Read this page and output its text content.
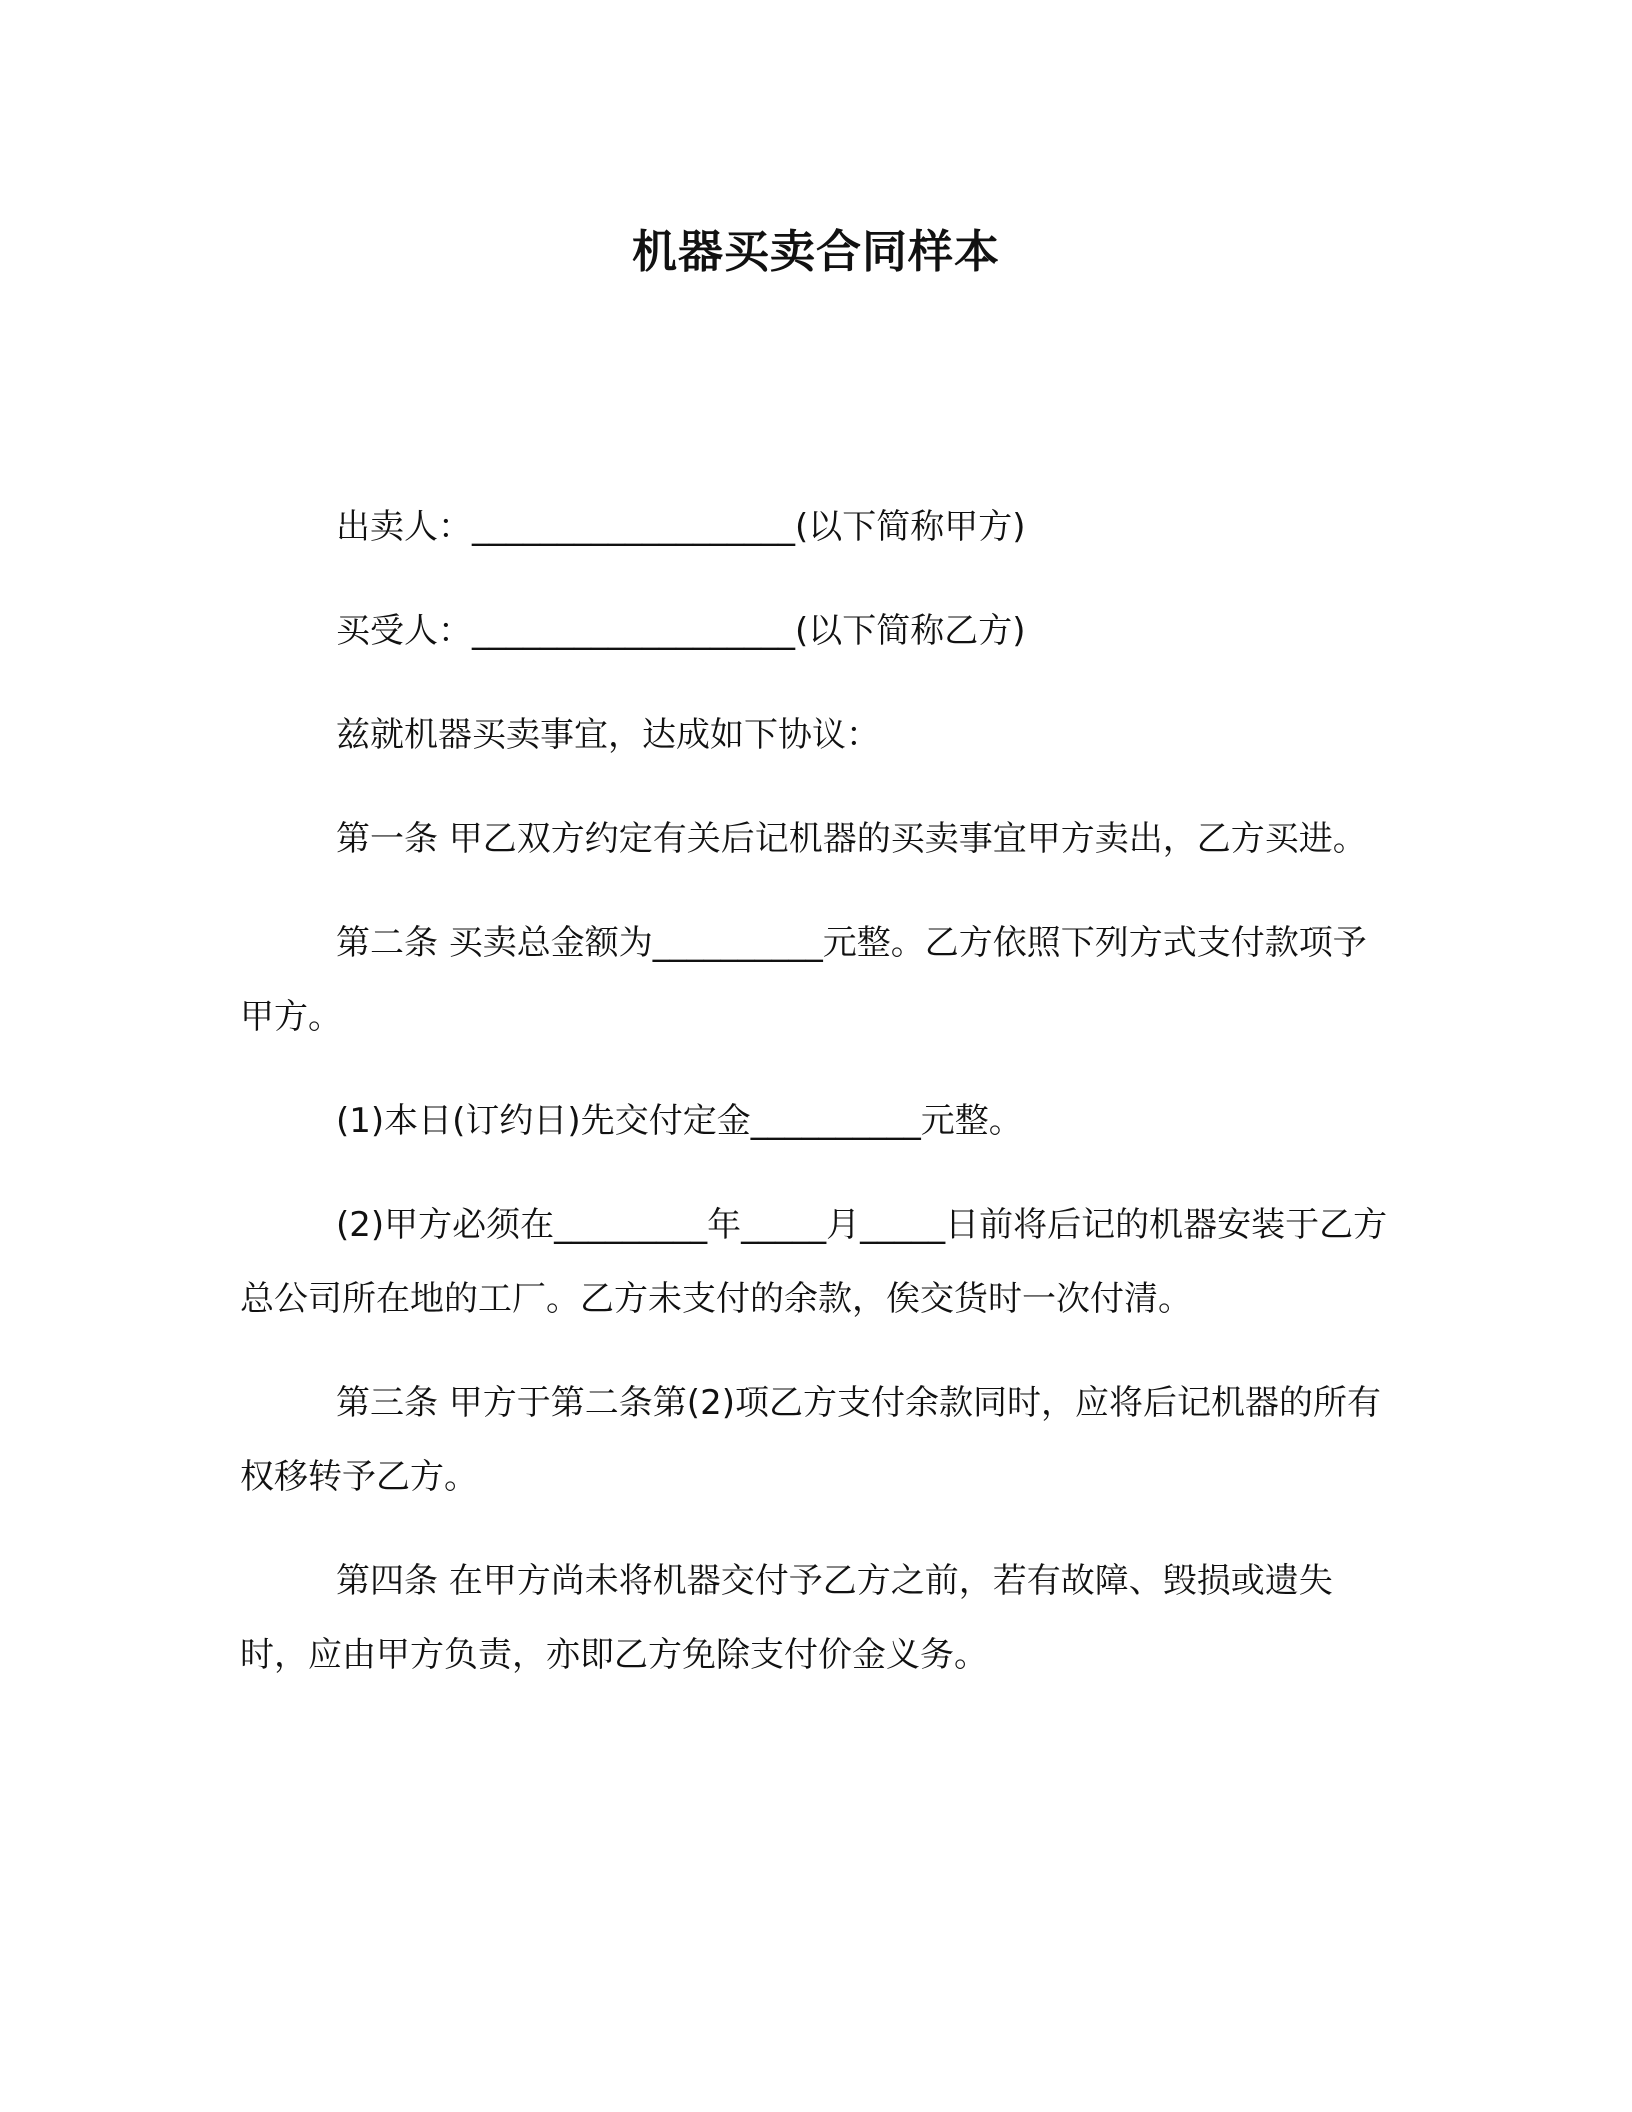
机器买卖合同样本

出卖人：___________________(以下简称甲方)

买受人：___________________(以下简称乙方)

兹就机器买卖事宜，达成如下协议：

第一条 甲乙双方约定有关后记机器的买卖事宜甲方卖出，乙方买进。

第二条 买卖总金额为__________元整。乙方依照下列方式支付款项予甲方。

(1)本日(订约日)先交付定金__________元整。

(2)甲方必须在_________年_____月_____日前将后记的机器安装于乙方总公司所在地的工厂。乙方未支付的余款，俟交货时一次付清。

第三条 甲方于第二条第(2)项乙方支付余款同时，应将后记机器的所有权移转予乙方。

第四条 在甲方尚未将机器交付予乙方之前，若有故障、毁损或遗失时，应由甲方负责，亦即乙方免除支付价金义务。
